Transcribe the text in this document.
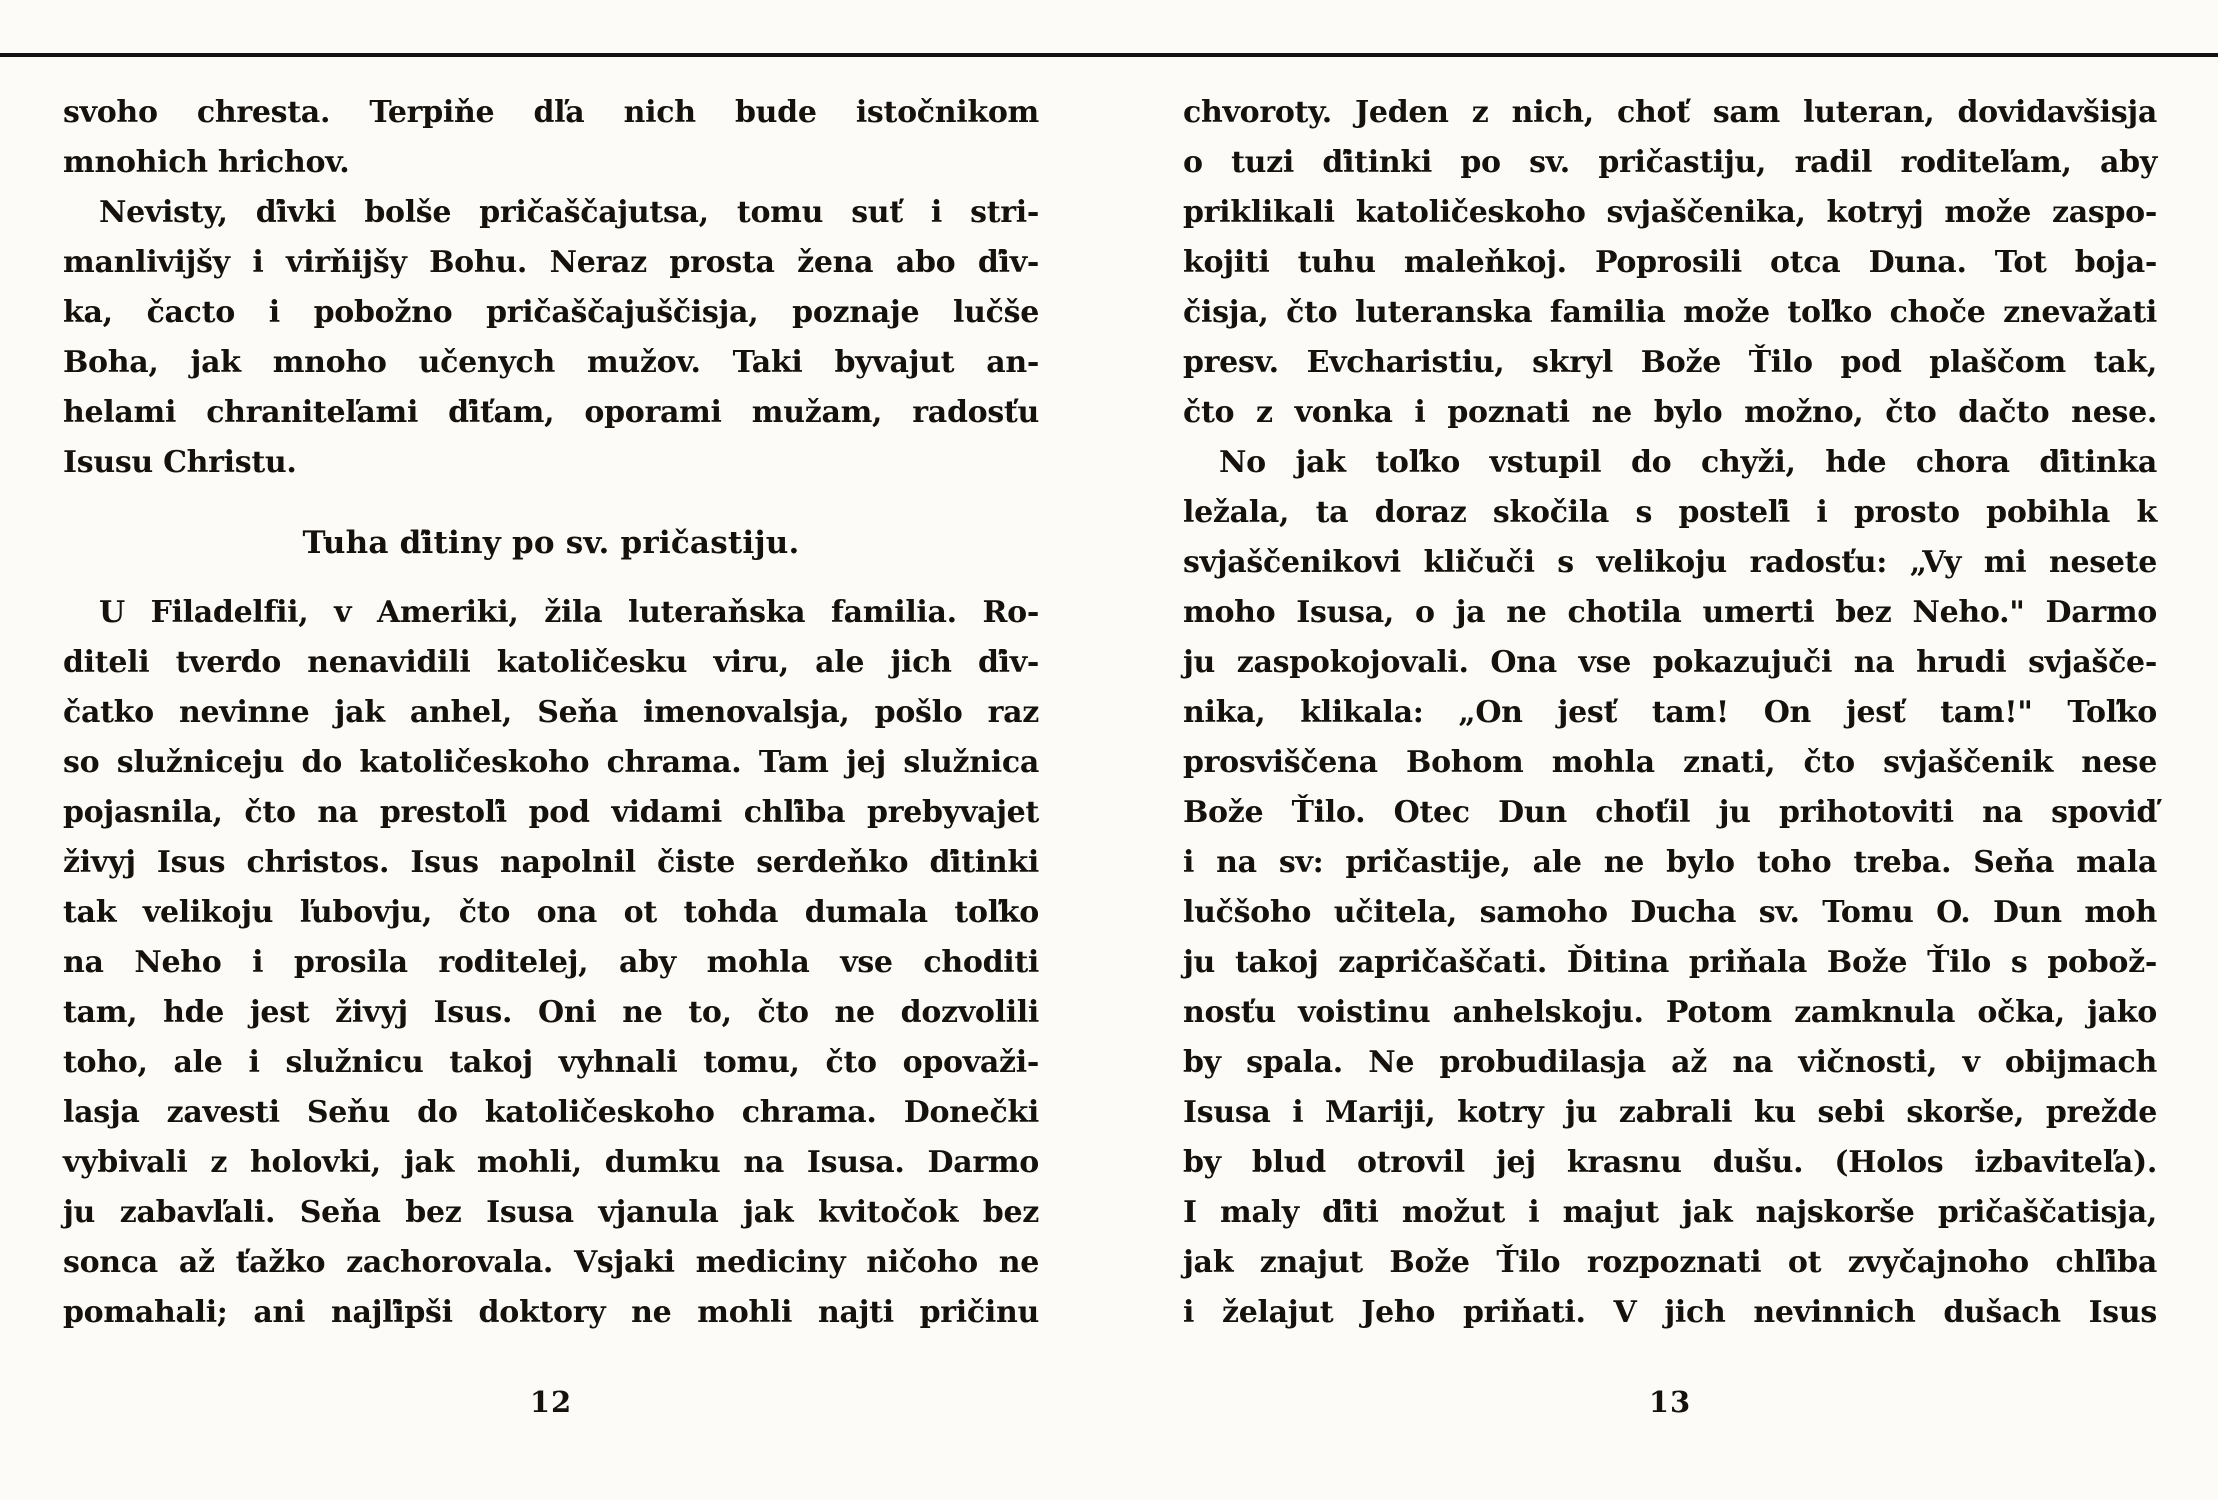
svoho chresta. Terpiňe dľa nich bude istočnikom
mnohich hrichov.
Nevisty, ďivki bolše pričaščajutsa, tomu suť i stri-
manlivijšy i virňijšy Bohu. Neraz prosta žena abo ďiv-
ka, čacto i pobožno pričaščajuščisja, poznaje lučše
Boha, jak mnoho učenych mužov. Taki byvajut an-
helami chraniteľami ďiťam, oporami mužam, radosťu
Isusu Christu.
Tuha ďitiny po sv. pričastiju.
U Filadelfii, v Ameriki, žila luteraňska familia. Ro-
diteli tverdo nenavidili katoličesku viru, ale jich ďiv-
čatko nevinne jak anhel, Seňa imenovalsja, pošlo raz
so služniceju do katoličeskoho chrama. Tam jej služnica
pojasnila, čto na prestoľi pod vidami chľiba prebyvajet
živyj Isus christos. Isus napolnil čiste serdeňko ďitinki
tak velikoju ľubovju, čto ona ot tohda dumala toľko
na Neho i prosila roditelej, aby mohla vse choditi
tam, hde jest živyj Isus. Oni ne to, čto ne dozvolili
toho, ale i služnicu takoj vyhnali tomu, čto opovaži-
lasja zavesti Seňu do katoličeskoho chrama. Donečki
vybivali z holovki, jak mohli, dumku na Isusa. Darmo
ju zabavľali. Seňa bez Isusa vjanula jak kvitočok bez
sonca až ťažko zachorovala. Vsjaki mediciny ničoho ne
pomahali; ani najľipši doktory ne mohli najti pričinu
12
chvoroty. Jeden z nich, choť sam luteran, dovidavšisja
o tuzi ďitinki po sv. pričastiju, radil roditeľam, aby
priklikali katoličeskoho svjaščenika, kotryj može zaspo-
kojiti tuhu maleňkoj. Poprosili otca Duna. Tot boja-
čisja, čto luteranska familia može toľko choče znevažati
presv. Evcharistiu, skryl Bože Ťilo pod plaščom tak,
čto z vonka i poznati ne bylo možno, čto dačto nese.
No jak toľko vstupil do chyži, hde chora ďitinka
ležala, ta doraz skočila s posteľi i prosto pobihla k
svjaščenikovi kličuči s velikoju radosťu: „Vy mi nesete
moho Isusa, o ja ne chotila umerti bez Neho." Darmo
ju zaspokojovali. Ona vse pokazujuči na hrudi svjašče-
nika, klikala: „On jesť tam! On jesť tam!" Toľko
prosviščena Bohom mohla znati, čto svjaščenik nese
Bože Ťilo. Otec Dun choťil ju prihotoviti na spoviď
i na sv: pričastije, ale ne bylo toho treba. Seňa mala
lučšoho učitela, samoho Ducha sv. Tomu O. Dun moh
ju takoj zapričaščati. Ďitina priňala Bože Ťilo s pobož-
nosťu voistinu anhelskoju. Potom zamknula očka, jako
by spala. Ne probudilasja až na vičnosti, v obijmach
Isusa i Mariji, kotry ju zabrali ku sebi skorše, prežde
by blud otrovil jej krasnu dušu. (Holos izbaviteľa).
I maly ďiti možut i majut jak najskorše pričaščatisja,
jak znajut Bože Ťilo rozpoznati ot zvyčajnoho chľiba
i želajut Jeho priňati. V jich nevinnich dušach Isus
13
